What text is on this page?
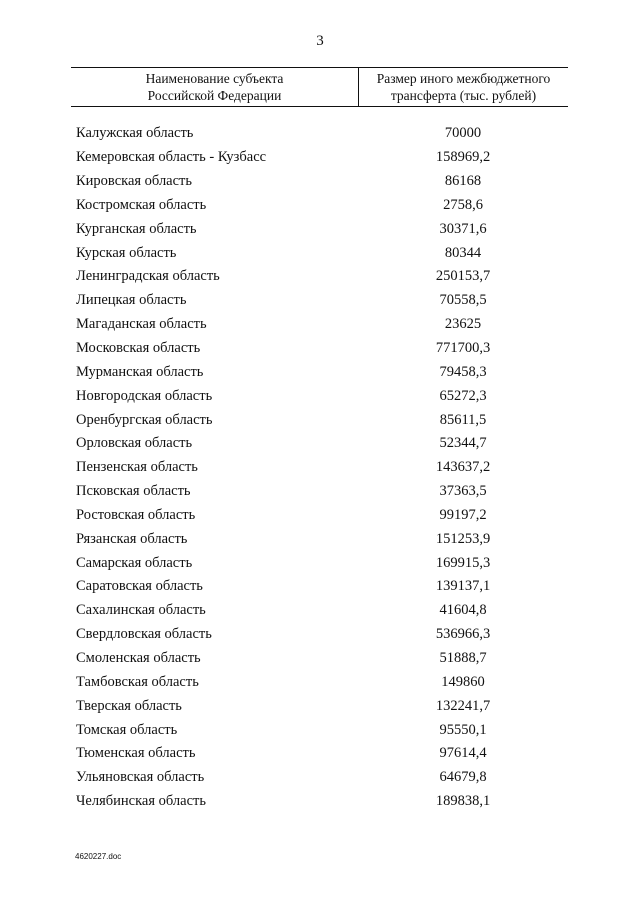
3
Наименование субъекта
Российской Федерации
Размер иного межбюджетного
трансферта (тыс. рублей)
Калужская область	70000
Кемеровская область - Кузбасс	158969,2
Кировская область	86168
Костромская область	2758,6
Курганская область	30371,6
Курская область	80344
Ленинградская область	250153,7
Липецкая область	70558,5
Магаданская область	23625
Московская область	771700,3
Мурманская область	79458,3
Новгородская область	65272,3
Оренбургская область	85611,5
Орловская область	52344,7
Пензенская область	143637,2
Псковская область	37363,5
Ростовская область	99197,2
Рязанская область	151253,9
Самарская область	169915,3
Саратовская область	139137,1
Сахалинская область	41604,8
Свердловская область	536966,3
Смоленская область	51888,7
Тамбовская область	149860
Тверская область	132241,7
Томская область	95550,1
Тюменская область	97614,4
Ульяновская область	64679,8
Челябинская область	189838,1
4620227.doc
